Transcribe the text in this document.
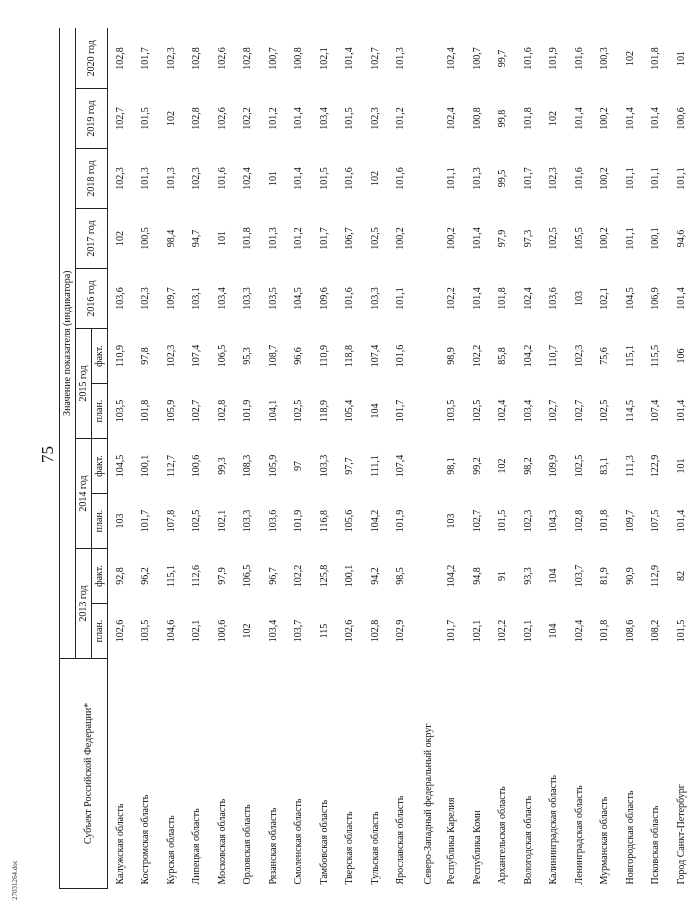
75
27031264.doc
Субъект Российской Федерации*	Значение показателя (индикатора)										
	2013 год		2014 год		2015 год		2016 год	2017 год	2018 год	2019 год	2020 год
	план.	факт.	план.	факт.	план.	факт.					
Калужская область	102,6	92,8	103	104,5	103,5	110,9	103,6	102	102,3	102,7	102,8
Костромская область	103,5	96,2	101,7	100,1	101,8	97,8	102,3	100,5	101,3	101,5	101,7
Курская область	104,6	115,1	107,8	112,7	105,9	102,3	109,7	98,4	101,3	102	102,3
Липецкая область	102,1	112,6	102,5	100,6	102,7	107,4	103,1	94,7	102,3	102,8	102,8
Московская область	100,6	97,9	102,1	99,3	102,8	106,5	103,4	101	101,6	102,6	102,6
Орловская область	102	106,5	103,3	108,3	101,9	95,3	103,3	101,8	102,4	102,2	102,8
Рязанская область	103,4	96,7	103,6	105,9	104,1	108,7	103,5	101,3	101	101,2	100,7
Смоленская область	103,7	102,2	101,9	97	102,5	96,6	104,5	101,2	101,4	101,4	100,8
Тамбовская область	115	125,8	116,8	103,3	118,9	110,9	109,6	101,7	101,5	103,4	102,1
Тверская область	102,6	100,1	105,6	97,7	105,4	118,8	101,6	106,7	101,6	101,5	101,4
Тульская область	102,8	94,2	104,2	111,1	104	107,4	103,3	102,5	102	102,3	102,7
Ярославская область	102,9	98,5	101,9	107,4	101,7	101,6	101,1	100,2	101,6	101,2	101,3
Северо-Западный федеральный округ											
Республика Карелия	101,7	104,2	103	98,1	103,5	98,9	102,2	100,2	101,1	102,4	102,4
Республика Коми	102,1	94,8	102,7	99,2	102,5	102,2	101,4	101,4	101,3	100,8	100,7
Архангельская область	102,2	91	101,5	102	102,4	85,8	101,8	97,9	99,5	99,8	99,7
Вологодская область	102,1	93,3	102,3	98,2	103,4	104,2	102,4	97,3	101,7	101,8	101,6
Калининградская область	104	104	104,3	109,9	102,7	110,7	103,6	102,5	102,3	102	101,9
Ленинградская область	102,4	103,7	102,8	102,5	102,7	102,3	103	105,5	101,6	101,4	101,6
Мурманская область	101,8	81,9	101,8	83,1	102,5	75,6	102,1	100,2	100,2	100,2	100,3
Новгородская область	108,6	90,9	109,7	111,3	114,5	115,1	104,5	101,1	101,1	101,4	102
Псковская область	108,2	112,9	107,5	122,9	107,4	115,5	106,9	100,1	101,1	101,4	101,8
Город Санкт-Петербург	101,5	82	101,4	101	101,4	106	101,4	94,6	101,1	100,6	101
